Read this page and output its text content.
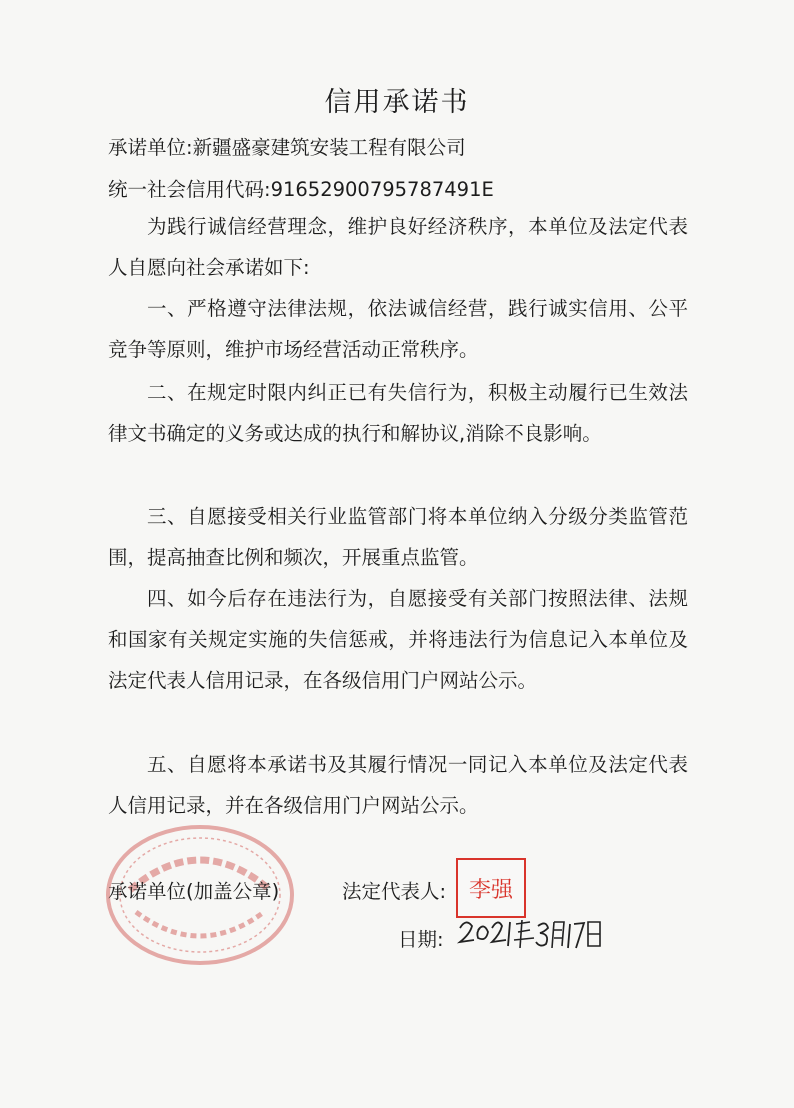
信用承诺书
承诺单位:新疆盛豪建筑安装工程有限公司
统一社会信用代码:91652900795787491E

为践行诚信经营理念，维护良好经济秩序，本单位及法定代表人自愿向社会承诺如下:

一、严格遵守法律法规，依法诚信经营，践行诚实信用、公平竞争等原则，维护市场经营活动正常秩序。

二、在规定时限内纠正已有失信行为，积极主动履行已生效法律文书确定的义务或达成的执行和解协议,消除不良影响。

三、自愿接受相关行业监管部门将本单位纳入分级分类监管范围，提高抽查比例和频次，开展重点监管。

四、如今后存在违法行为，自愿接受有关部门按照法律、法规和国家有关规定实施的失信惩戒，并将违法行为信息记入本单位及法定代表人信用记录，在各级信用门户网站公示。

五、自愿将本承诺书及其履行情况一同记入本单位及法定代表人信用记录，并在各级信用门户网站公示。

承诺单位(加盖公章)	法定代表人:	李强
日期:
